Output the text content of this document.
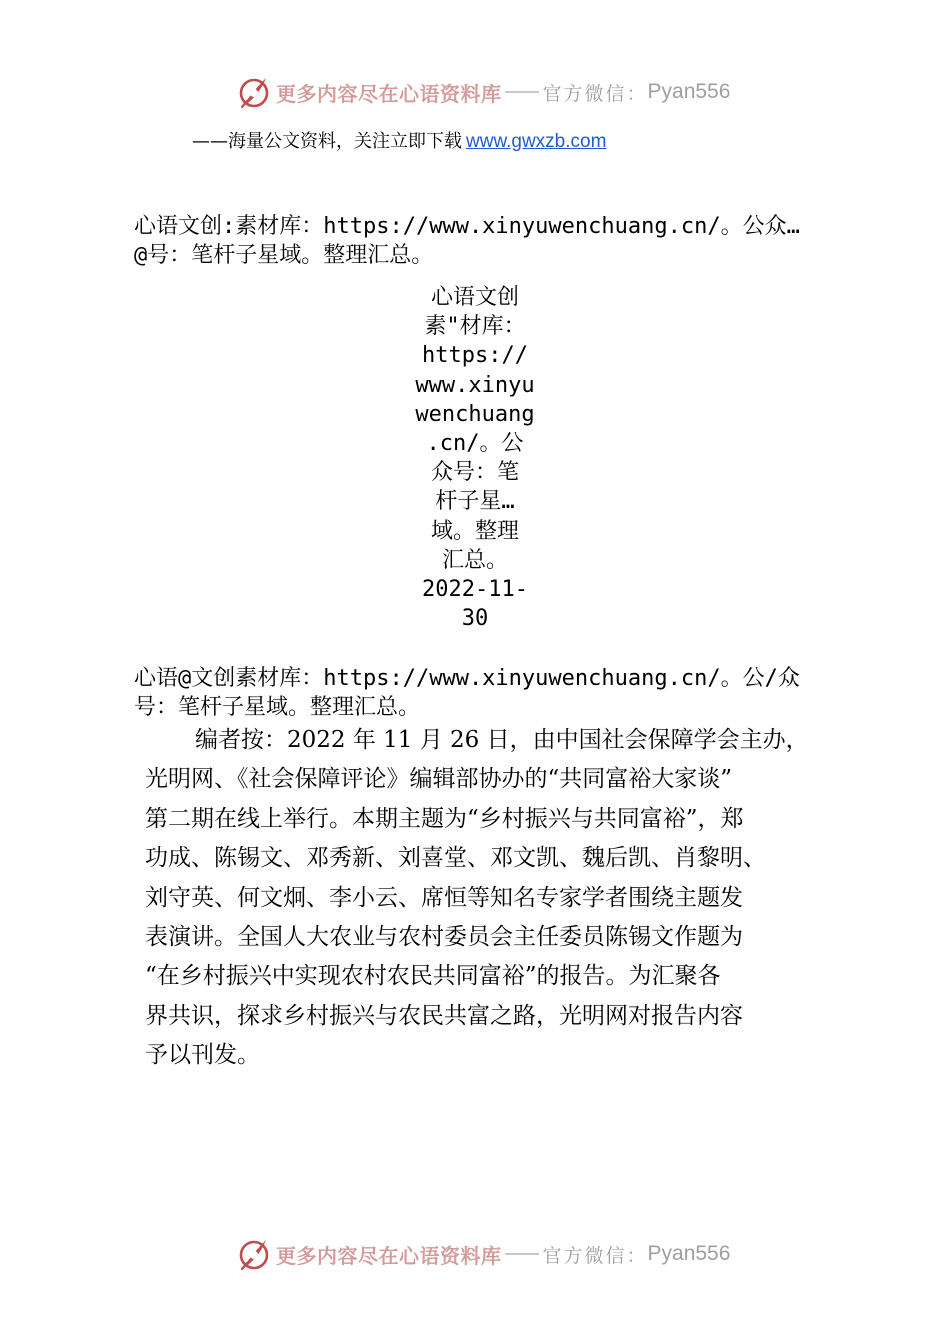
更多内容尽在心语资料库 官方微信： Pyan556
——海量公文资料，关注立即下载 www.gwxzb.com
心语文创:素材库：https://www.xinyuwenchuang.cn/。公众…
@号：笔杆子星域。整理汇总。
心语文创
素"材库：
https://
www.xinyu
wenchuang
.cn/。公
众号：笔
杆子星…
域。整理
汇总。
2022-11-
30
心语@文创素材库：https://www.xinyuwenchuang.cn/。公/众
号：笔杆子星域。整理汇总。
编者按：2022 年 11 月 26 日，由中国社会保障学会主办，
光明网、《社会保障评论》编辑部协办的“共同富裕大家谈”
第二期在线上举行。本期主题为“乡村振兴与共同富裕”，郑
功成、陈锡文、邓秀新、刘喜堂、邓文凯、魏后凯、肖黎明、
刘守英、何文炯、李小云、席恒等知名专家学者围绕主题发
表演讲。全国人大农业与农村委员会主任委员陈锡文作题为
“在乡村振兴中实现农村农民共同富裕”的报告。为汇聚各
界共识，探求乡村振兴与农民共富之路，光明网对报告内容
予以刊发。
更多内容尽在心语资料库 官方微信： Pyan556
